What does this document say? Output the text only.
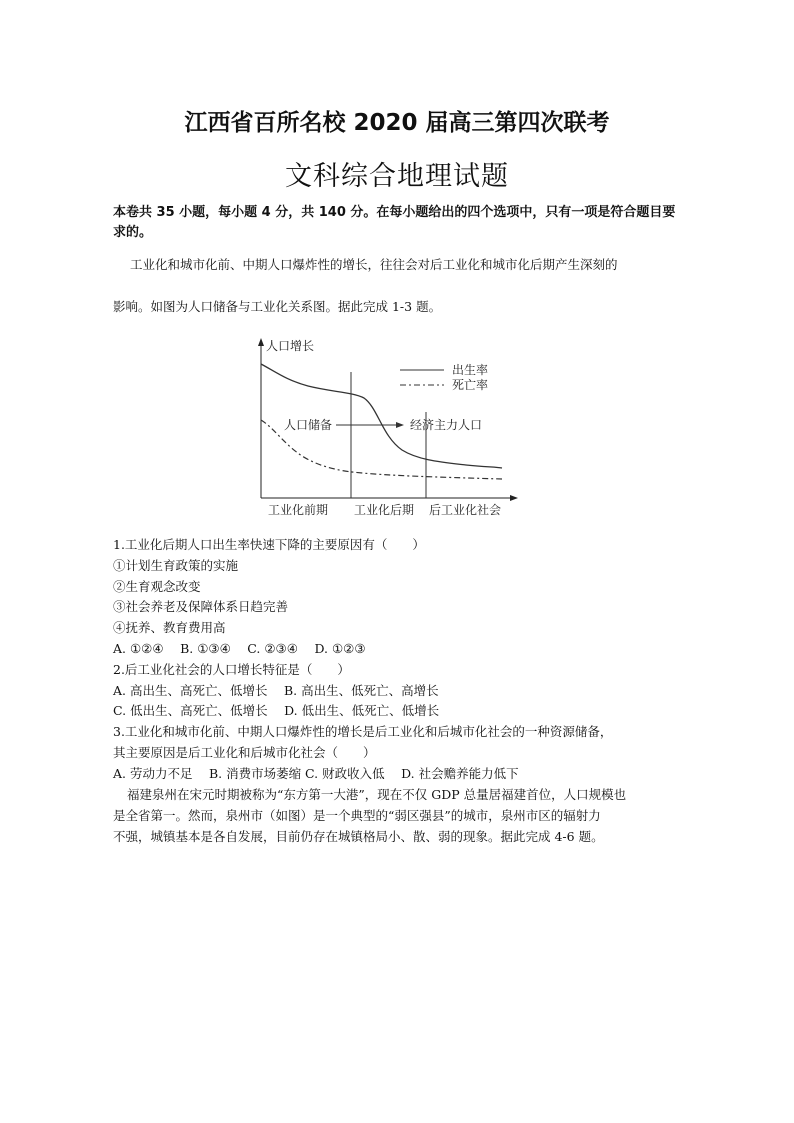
江西省百所名校 2020 届高三第四次联考
文科综合地理试题
本卷共 35 小题，每小题 4 分，共 140 分。在每小题给出的四个选项中，只有一项是符合题目要求的。
工业化和城市化前、中期人口爆炸性的增长，往往会对后工业化和城市化后期产生深刻的
影响。如图为人口储备与工业化关系图。据此完成 1-3 题。
人口增长
出生率
死亡率
人口储备	经济主力人口
工业化前期 工业化后期 后工业化社会
1.工业化后期人口出生率快速下降的主要原因有（　　）
①计划生育政策的实施
②生育观念改变
③社会养老及保障体系日趋完善
④抚养、教育费用高
A. ①②④　 B. ①③④　 C. ②③④　 D. ①②③
2.后工业化社会的人口增长特征是（　　）
A. 高出生、高死亡、低增长　 B. 高出生、低死亡、高增长
C. 低出生、高死亡、低增长　 D. 低出生、低死亡、低增长
3.工业化和城市化前、中期人口爆炸性的增长是后工业化和后城市化社会的一种资源储备，
其主要原因是后工业化和后城市化社会（　　）
A. 劳动力不足　 B. 消费市场萎缩 C. 财政收入低　 D. 社会赡养能力低下
福建泉州在宋元时期被称为“东方第一大港”，现在不仅 GDP 总量居福建首位，人口规模也
是全省第一。然而，泉州市（如图）是一个典型的“弱区强县”的城市，泉州市区的辐射力
不强，城镇基本是各自发展，目前仍存在城镇格局小、散、弱的现象。据此完成 4-6 题。
